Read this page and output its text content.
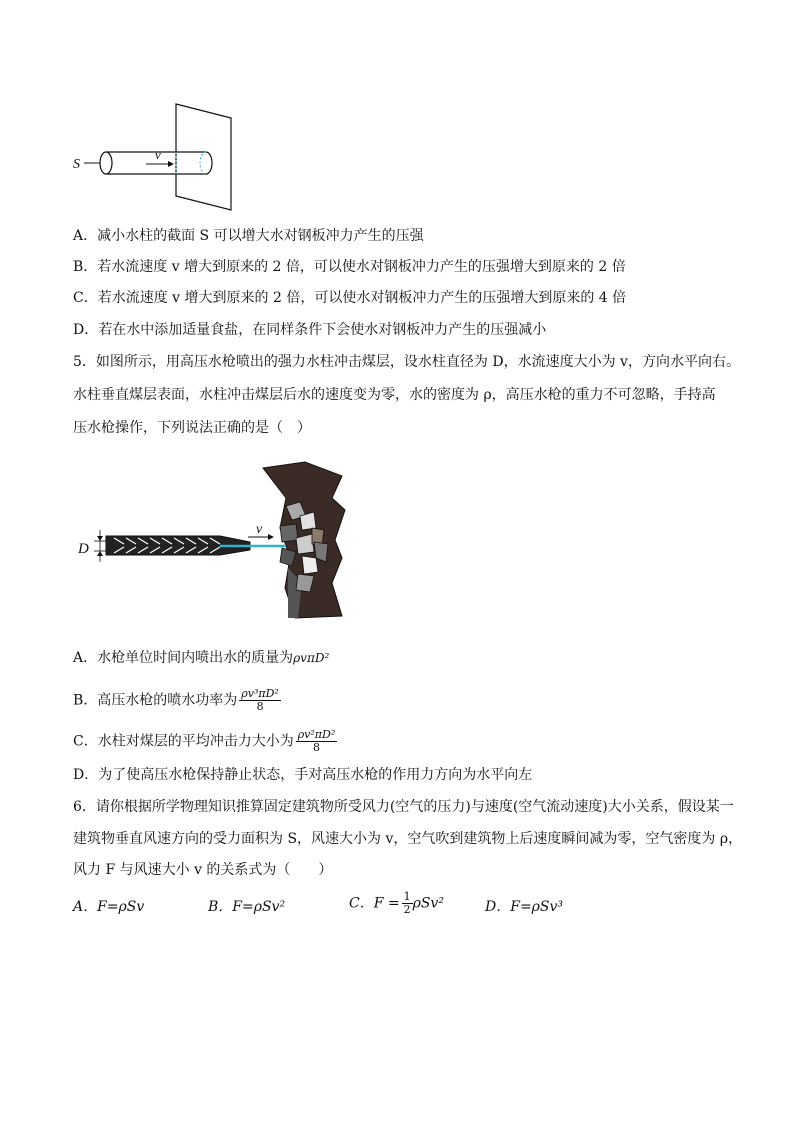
S
v
A．减小水柱的截面 S 可以增大水对钢板冲力产生的压强
B．若水流速度 v 增大到原来的 2 倍，可以使水对钢板冲力产生的压强增大到原来的 2 倍
C．若水流速度 v 增大到原来的 2 倍，可以使水对钢板冲力产生的压强增大到原来的 4 倍
D．若在水中添加适量食盐，在同样条件下会使水对钢板冲力产生的压强减小
5．如图所示，用高压水枪喷出的强力水柱冲击煤层，设水柱直径为 D，水流速度大小为 v，方向水平向右。
水柱垂直煤层表面，水柱冲击煤层后水的速度变为零，水的密度为 ρ，高压水枪的重力不可忽略，手持高
压水枪操作，下列说法正确的是（　）
v
D
A．水枪单位时间内喷出水的质量为ρvπD²
B．高压水枪的喷水功率为 $\frac{\text{ρv³πD²}}{8}$
C．水柱对煤层的平均冲击力大小为 $\frac{\text{ρv²πD²}}{8}$
D．为了使高压水枪保持静止状态，手对高压水枪的作用力方向为水平向左
6．请你根据所学物理知识推算固定建筑物所受风力(空气的压力)与速度(空气流动速度)大小关系，假设某一
建筑物垂直风速方向的受力面积为 S，风速大小为 v，空气吹到建筑物上后速度瞬间减为零，空气密度为 ρ，
风力 F 与风速大小 v 的关系式为（　　）
A．F=ρSv	B．F=ρSv²	C．$F = \frac{1}{2} \rho Sv^2$	D．F=ρSv³
